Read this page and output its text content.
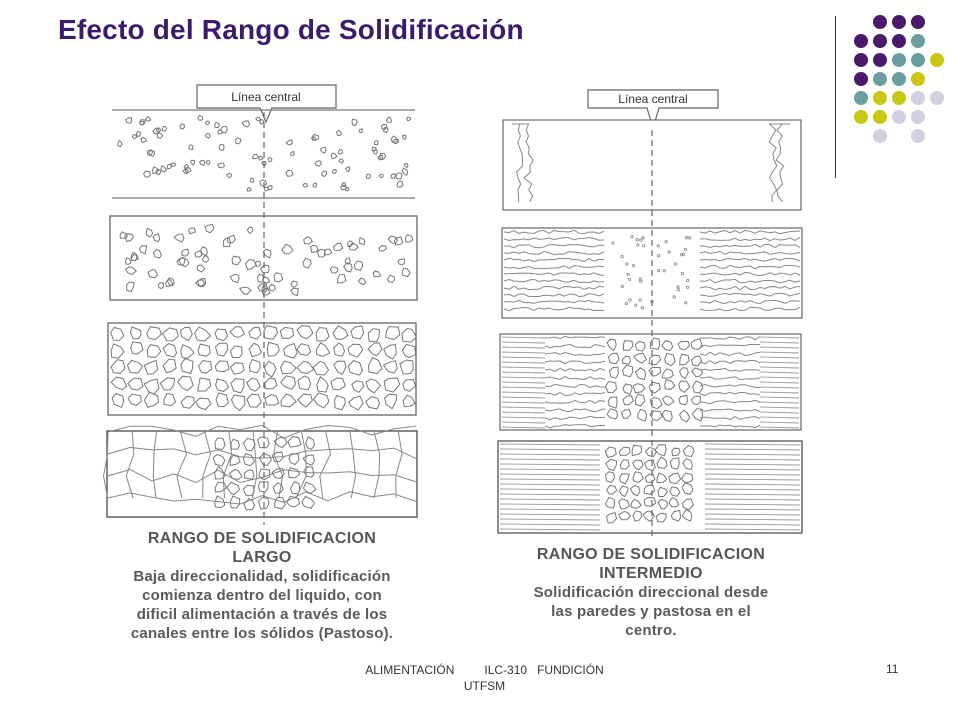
Efecto del Rango de Solidificación
Línea central	Línea central
RANGO DE SOLIDIFICACION
LARGO
Baja direccionalidad, solidificación
comienza dentro del liquido, con
dificil alimentación a través de los
canales entre los sólidos (Pastoso).
RANGO DE SOLIDIFICACION
INTERMEDIO
Solidificación direccional desde
las paredes y pastosa en el
centro.
ALIMENTACIÓN         ILC-310   FUNDICIÓN
UTFSM
11
